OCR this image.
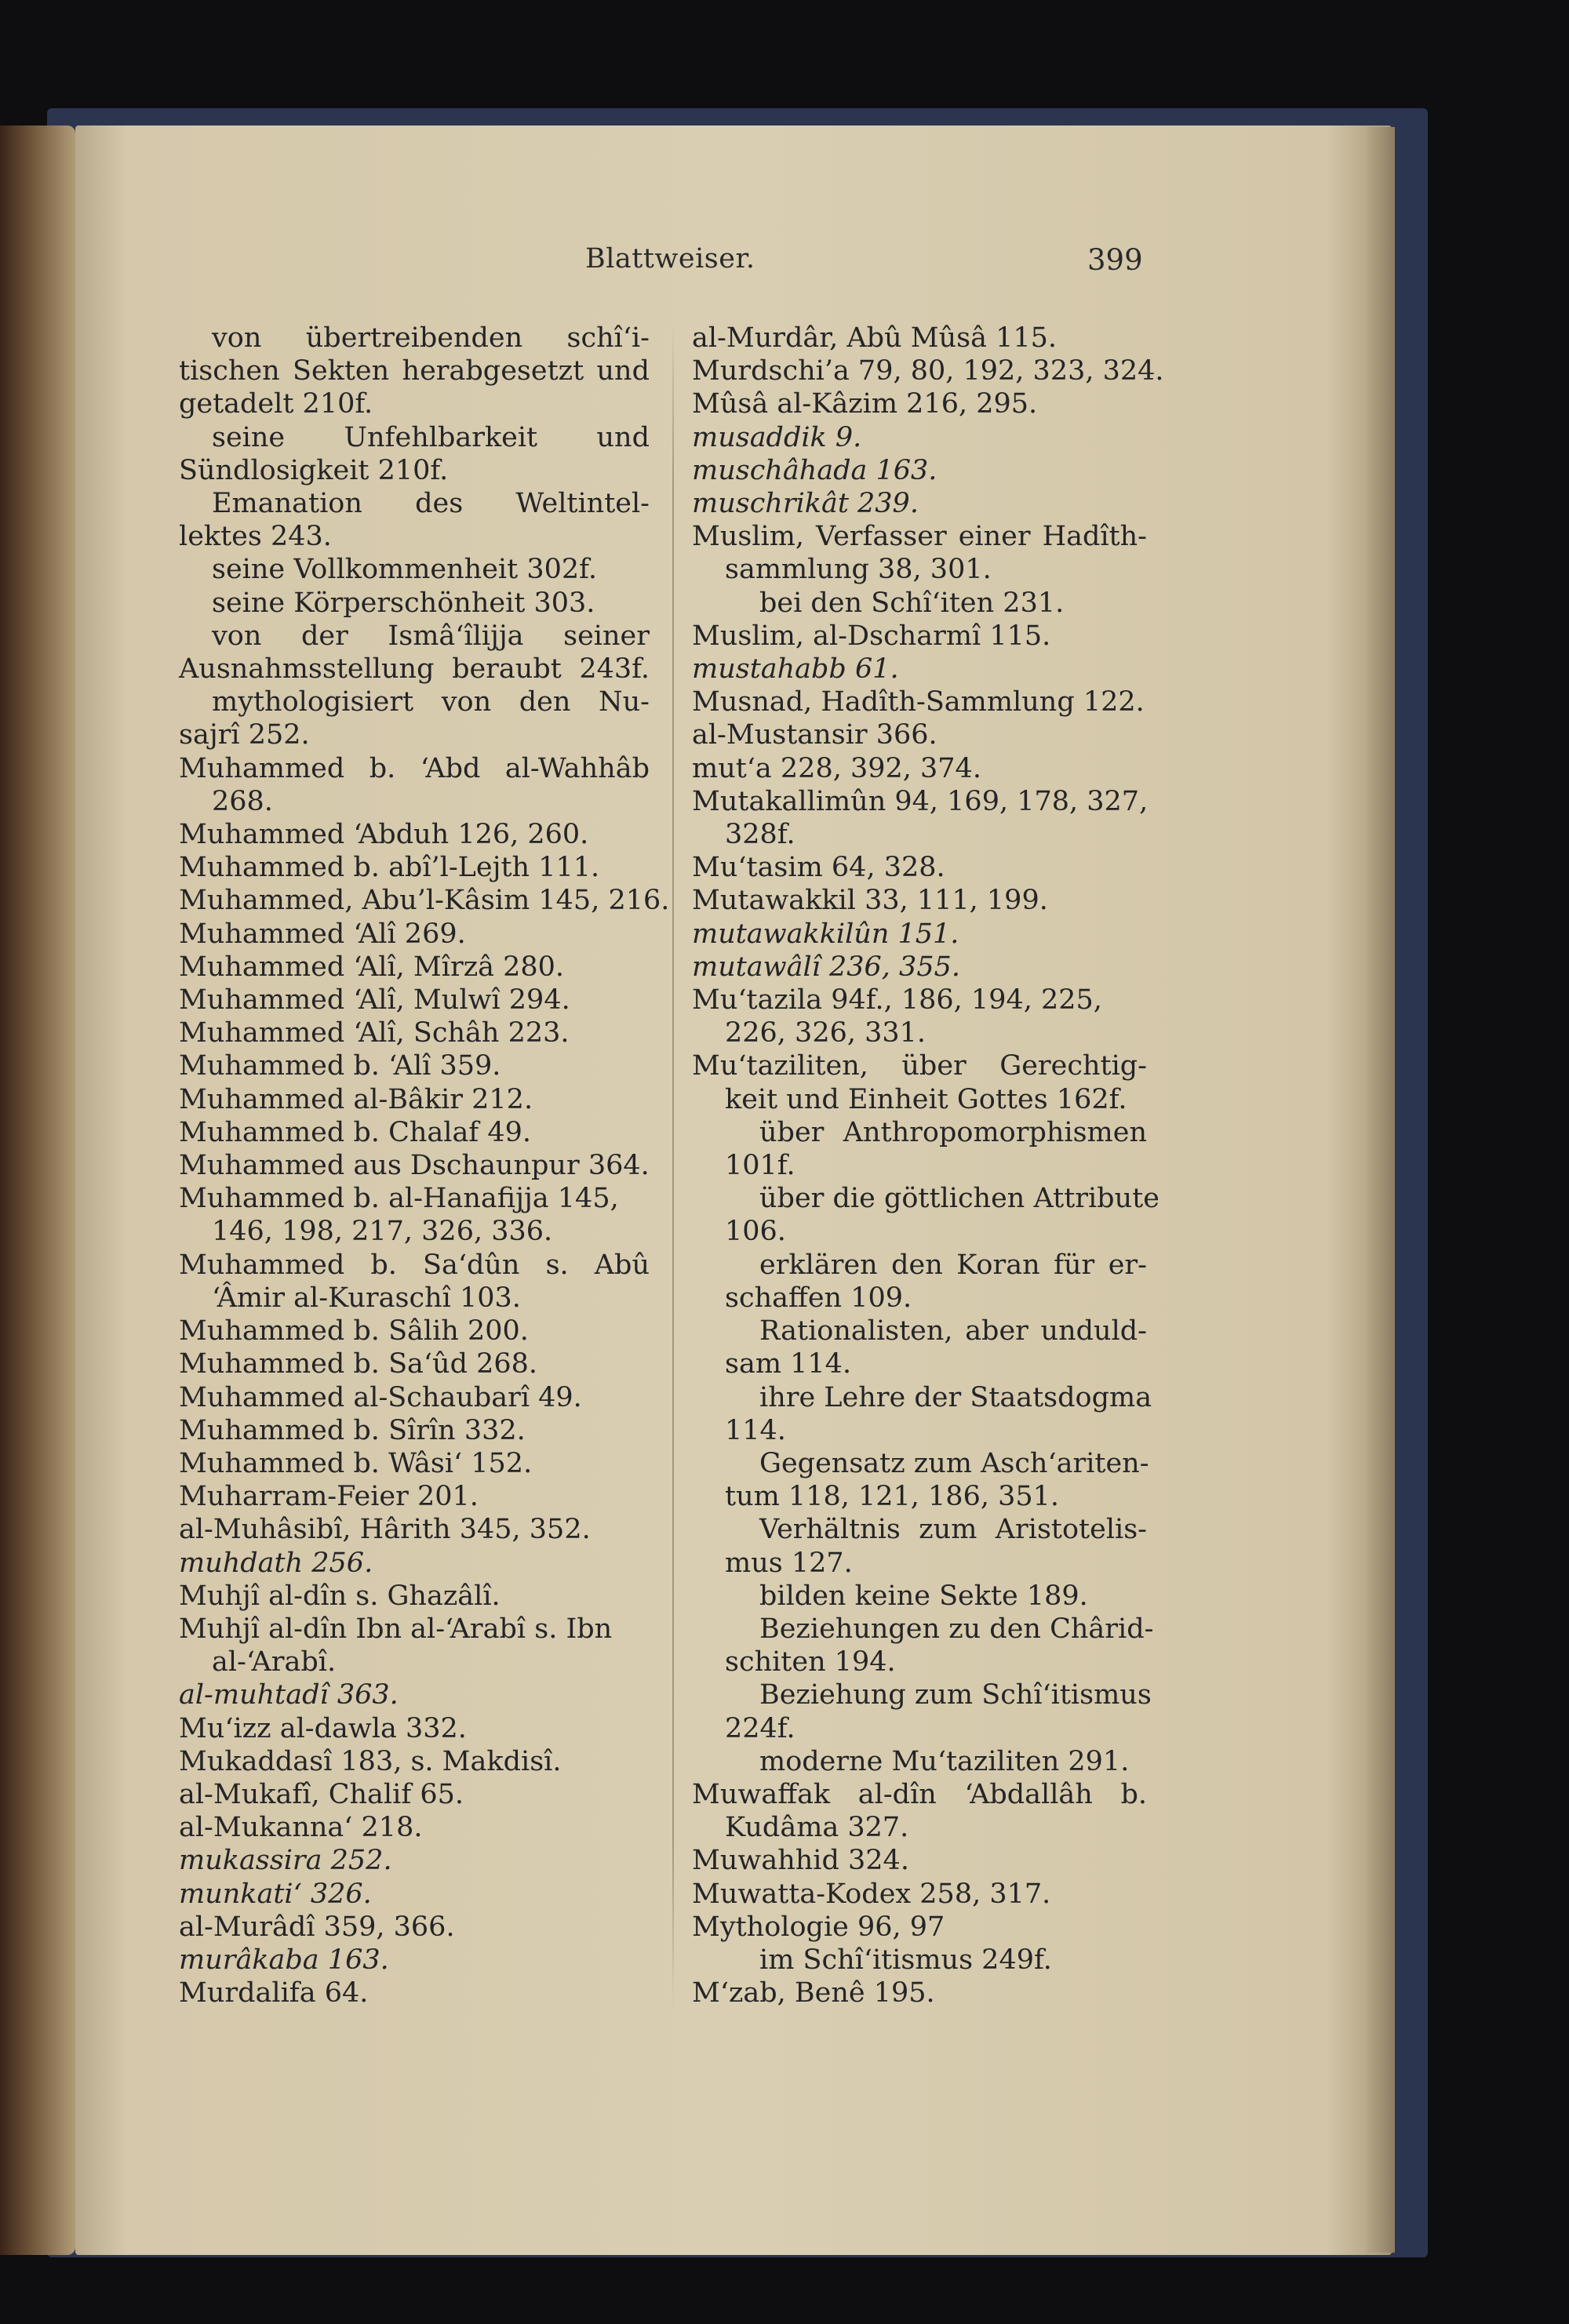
Blattweiser.	399
von übertreibenden schî‘i-
tischen Sekten herabgesetzt und
getadelt 210f.
seine Unfehlbarkeit und
Sündlosigkeit 210f.
Emanation des Weltintel-
lektes 243.
seine Vollkommenheit 302f.
seine Körperschönheit 303.
von der Ismâ‘îlijja seiner
Ausnahmsstellung beraubt 243f.
mythologisiert von den Nu-
sajrî 252.
Muhammed b. ‘Abd al-Wahhâb
268.
Muhammed ‘Abduh 126, 260.
Muhammed b. abî’l-Lejth 111.
Muhammed, Abu’l-Kâsim 145, 216.
Muhammed ‘Alî 269.
Muhammed ‘Alî, Mîrzâ 280.
Muhammed ‘Alî, Mulwî 294.
Muhammed ‘Alî, Schâh 223.
Muhammed b. ‘Alî 359.
Muhammed al-Bâkir 212.
Muhammed b. Chalaf 49.
Muhammed aus Dschaunpur 364.
Muhammed b. al-Hanafijja 145,
146, 198, 217, 326, 336.
Muhammed b. Sa‘dûn s. Abû
‘Âmir al-Kuraschî 103.
Muhammed b. Sâlih 200.
Muhammed b. Sa‘ûd 268.
Muhammed al-Schaubarî 49.
Muhammed b. Sîrîn 332.
Muhammed b. Wâsi‘ 152.
Muharram-Feier 201.
al-Muhâsibî, Hârith 345, 352.
muhdath 256.
Muhjî al-dîn s. Ghazâlî.
Muhjî al-dîn Ibn al-‘Arabî s. Ibn
al-‘Arabî.
al-muhtadî 363.
Mu‘izz al-dawla 332.
Mukaddasî 183, s. Makdisî.
al-Mukafî, Chalif 65.
al-Mukanna‘ 218.
mukassira 252.
munkati‘ 326.
al-Murâdî 359, 366.
murâkaba 163.
Murdalifa 64.
al-Murdâr, Abû Mûsâ 115.
Murdschi’a 79, 80, 192, 323, 324.
Mûsâ al-Kâzim 216, 295.
musaddik 9.
muschâhada 163.
muschrikât 239.
Muslim, Verfasser einer Hadîth-
sammlung 38, 301.
bei den Schî‘iten 231.
Muslim, al-Dscharmî 115.
mustahabb 61.
Musnad, Hadîth-Sammlung 122.
al-Mustansir 366.
mut‘a 228, 392, 374.
Mutakallimûn 94, 169, 178, 327,
328f.
Mu‘tasim 64, 328.
Mutawakkil 33, 111, 199.
mutawakkilûn 151.
mutawâlî 236, 355.
Mu‘tazila 94f., 186, 194, 225,
226, 326, 331.
Mu‘taziliten, über Gerechtig-
keit und Einheit Gottes 162f.
über Anthropomorphismen
101f.
über die göttlichen Attribute
106.
erklären den Koran für er-
schaffen 109.
Rationalisten, aber unduld-
sam 114.
ihre Lehre der Staatsdogma
114.
Gegensatz zum Asch‘ariten-
tum 118, 121, 186, 351.
Verhältnis zum Aristotelis-
mus 127.
bilden keine Sekte 189.
Beziehungen zu den Chârid-
schiten 194.
Beziehung zum Schî‘itismus
224f.
moderne Mu‘taziliten 291.
Muwaffak al-dîn ‘Abdallâh b.
Kudâma 327.
Muwahhid 324.
Muwatta-Kodex 258, 317.
Mythologie 96, 97
im Schî‘itismus 249f.
M‘zab, Benê 195.
